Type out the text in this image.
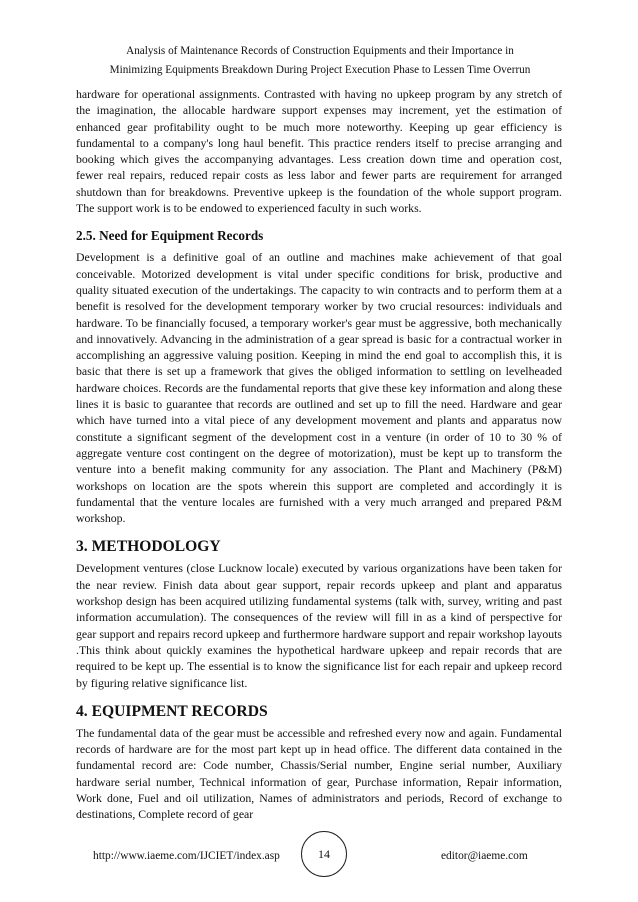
Analysis of Maintenance Records of Construction Equipments and their Importance in
Minimizing Equipments Breakdown During Project Execution Phase to Lessen Time Overrun

hardware for operational assignments. Contrasted with having no upkeep program by any stretch of the imagination, the allocable hardware support expenses may increment, yet the estimation of enhanced gear profitability ought to be much more noteworthy. Keeping up gear efficiency is fundamental to a company's long haul benefit. This practice renders itself to precise arranging and booking which gives the accompanying advantages. Less creation down time and operation cost, fewer real repairs, reduced repair costs as less labor and fewer parts are requirement for arranged shutdown than for breakdowns. Preventive upkeep is the foundation of the whole support program. The support work is to be endowed to experienced faculty in such works.

2.5. Need for Equipment Records

Development is a definitive goal of an outline and machines make achievement of that goal conceivable. Motorized development is vital under specific conditions for brisk, productive and quality situated execution of the undertakings. The capacity to win contracts and to perform them at a benefit is resolved for the development temporary worker by two crucial resources: individuals and hardware. To be financially focused, a temporary worker's gear must be aggressive, both mechanically and innovatively. Advancing in the administration of a gear spread is basic for a contractual worker in accomplishing an aggressive valuing position. Keeping in mind the end goal to accomplish this, it is basic that there is set up a framework that gives the obliged information to settling on levelheaded hardware choices. Records are the fundamental reports that give these key information and along these lines it is basic to guarantee that records are outlined and set up to fill the need. Hardware and gear which have turned into a vital piece of any development movement and plants and apparatus now constitute a significant segment of the development cost in a venture (in order of 10 to 30 % of aggregate venture cost contingent on the degree of motorization), must be kept up to transform the venture into a benefit making community for any association. The Plant and Machinery (P&M) workshops on location are the spots wherein this support are completed and accordingly it is fundamental that the venture locales are furnished with a very much arranged and prepared P&M workshop.

3. METHODOLOGY

Development ventures (close Lucknow locale) executed by various organizations have been taken for the near review. Finish data about gear support, repair records upkeep and plant and apparatus workshop design has been acquired utilizing fundamental systems (talk with, survey, writing and past information accumulation). The consequences of the review will fill in as a kind of perspective for gear support and repairs record upkeep and furthermore hardware support and repair workshop layouts .This think about quickly examines the hypothetical hardware upkeep and repair records that are required to be kept up. The essential is to know the significance list for each repair and upkeep record by figuring relative significance list.

4. EQUIPMENT RECORDS

The fundamental data of the gear must be accessible and refreshed every now and again. Fundamental records of hardware are for the most part kept up in head office. The different data contained in the fundamental record are: Code number, Chassis/Serial number, Engine serial number, Auxiliary hardware serial number, Technical information of gear, Purchase information, Repair information, Work done, Fuel and oil utilization, Names of administrators and periods, Record of exchange to destinations, Complete record of gear

http://www.iaeme.com/IJCIET/index.asp	14	editor@iaeme.com
